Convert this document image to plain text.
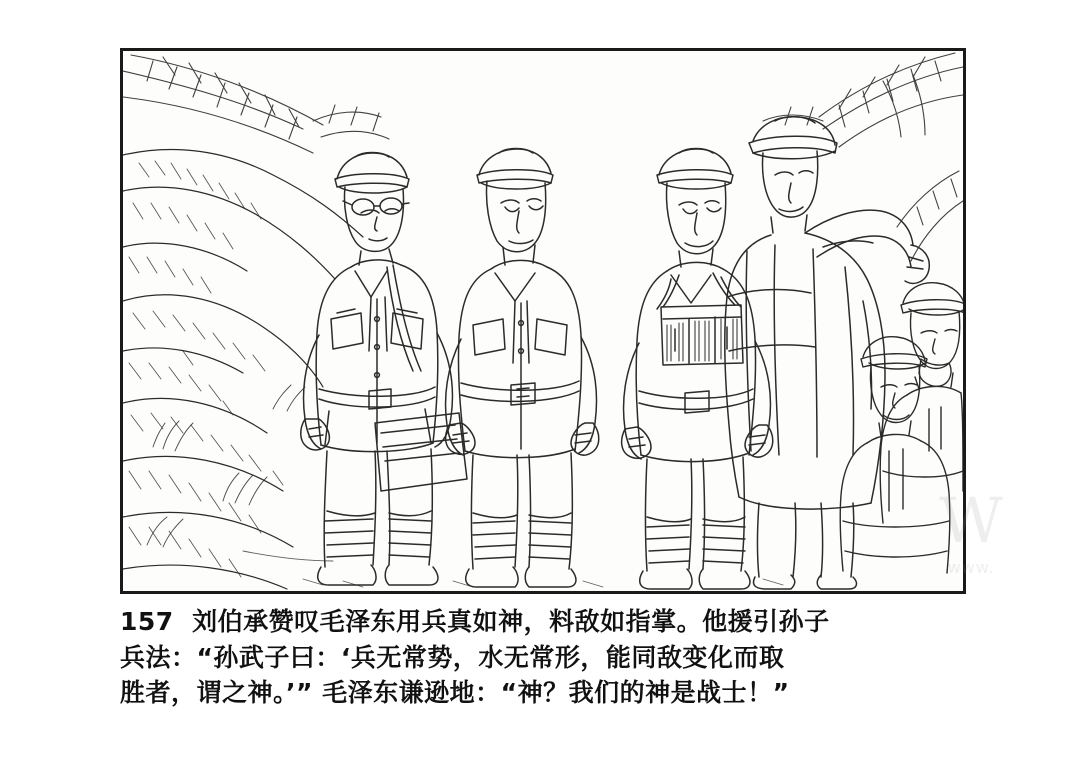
W
www.
157  刘伯承赞叹毛泽东用兵真如神，料敌如指掌。他援引孙子
兵法：“孙武子曰：‘兵无常势，水无常形，能同敌变化而取
胜者，谓之神。’” 毛泽东谦逊地：“神？我们的神是战士！”
